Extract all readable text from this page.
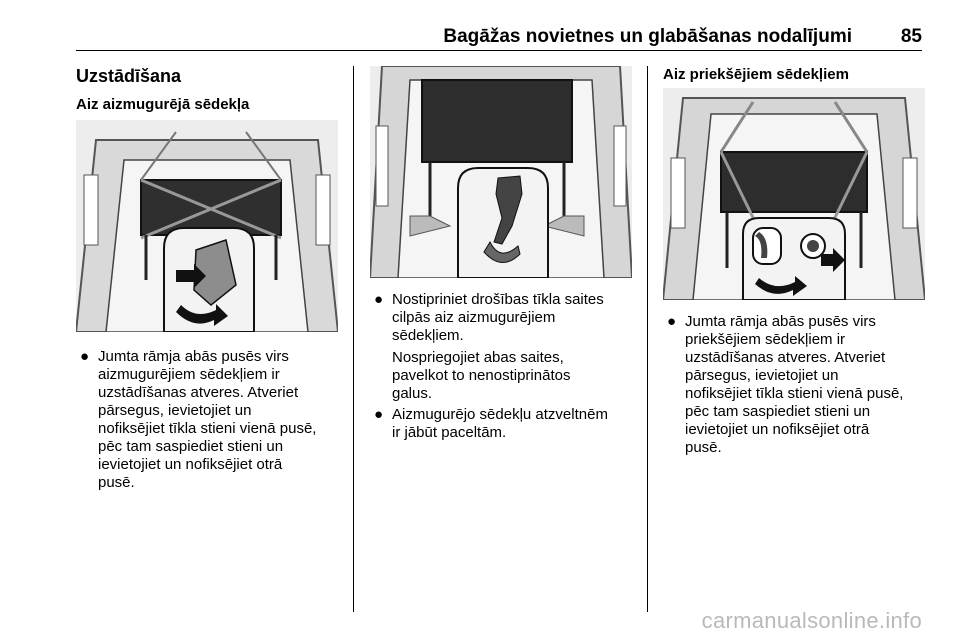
Bagāžas novietnes un glabāšanas nodalījumi	85
Uzstādīšana
Aiz aizmugurējā sēdekļa
● Jumta rāmja abās pusēs virs
aizmugurējiem sēdekļiem ir
uzstādīšanas atveres. Atveriet
pārsegus, ievietojiet un
nofiksējiet tīkla stieni vienā pusē,
pēc tam saspiediet stieni un
ievietojiet un nofiksējiet otrā
pusē.
● Nostipriniet drošības tīkla saites
cilpās aiz aizmugurējiem
sēdekļiem.
Nospriegojiet abas saites,
pavelkot to nenostiprinātos
galus.
● Aizmugurējo sēdekļu atzveltnēm
ir jābūt paceltām.
Aiz priekšējiem sēdekļiem
● Jumta rāmja abās pusēs virs
priekšējiem sēdekļiem ir
uzstādīšanas atveres. Atveriet
pārsegus, ievietojiet un
nofiksējiet tīkla stieni vienā pusē,
pēc tam saspiediet stieni un
ievietojiet un nofiksējiet otrā
pusē.
carmanualsonline.info
